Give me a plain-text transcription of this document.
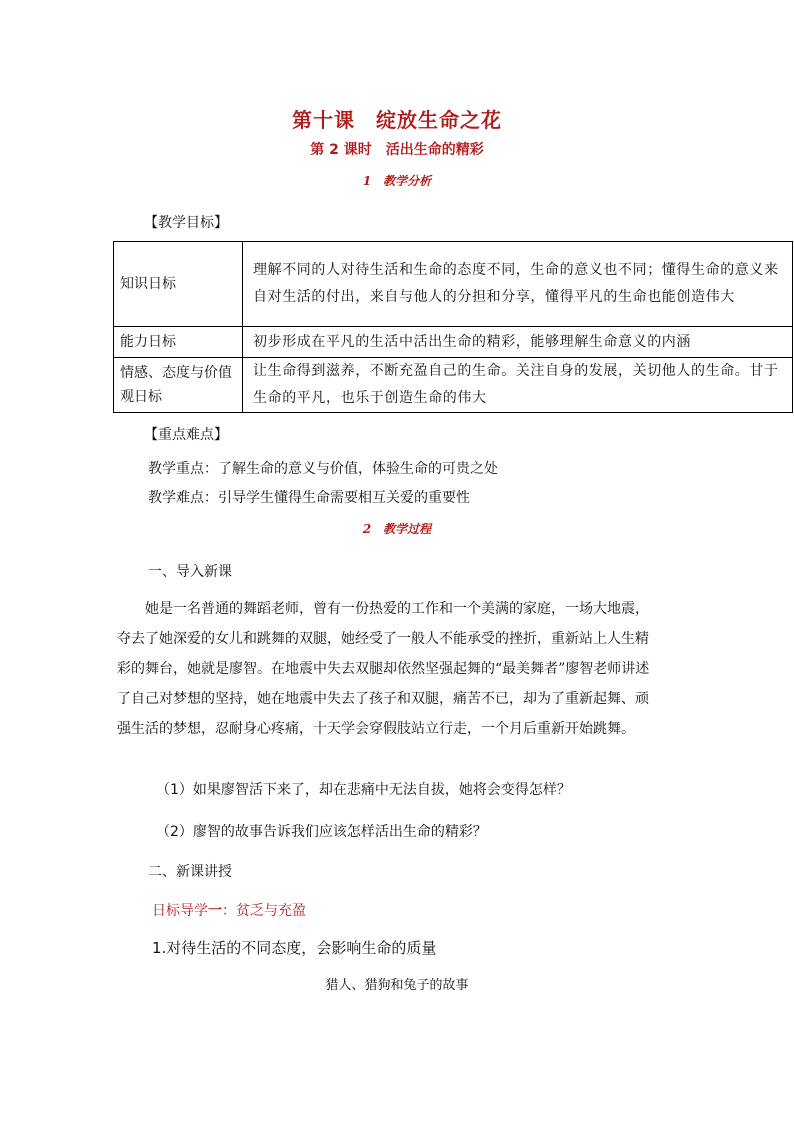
第十课　绽放生命之花
第 2 课时　活出生命的精彩
1　教学分析
【教学目标】
知识日标	理解不同的人对待生活和生命的态度不同，生命的意义也不同；懂得生命的意义来自对生活的付出，来自与他人的分担和分享，懂得平凡的生命也能创造伟大
能力日标	初步形成在平凡的生活中活出生命的精彩，能够理解生命意义的内涵
情感、态度与价值观日标	让生命得到滋养，不断充盈自己的生命。关注自身的发展，关切他人的生命。甘于生命的平凡，也乐于创造生命的伟大
【重点难点】
教学重点：了解生命的意义与价值，体验生命的可贵之处
教学难点：引导学生懂得生命需要相互关爱的重要性
2　教学过程
一、导入新课
她是一名普通的舞蹈老师，曾有一份热爱的工作和一个美满的家庭，一场大地震，夺去了她深爱的女儿和跳舞的双腿，她经受了一般人不能承受的挫折，重新站上人生精彩的舞台，她就是廖智。在地震中失去双腿却依然坚强起舞的“最美舞者”廖智老师讲述了自己对梦想的坚持，她在地震中失去了孩子和双腿，痛苦不已，却为了重新起舞、顽强生活的梦想，忍耐身心疼痛，十天学会穿假肢站立行走，一个月后重新开始跳舞。
（1）如果廖智活下来了，却在悲痛中无法自拔，她将会变得怎样？
（2）廖智的故事告诉我们应该怎样活出生命的精彩？
二、新课讲授
日标导学一：贫乏与充盈
1.对待生活的不同态度，会影响生命的质量
猎人、猎狗和兔子的故事
